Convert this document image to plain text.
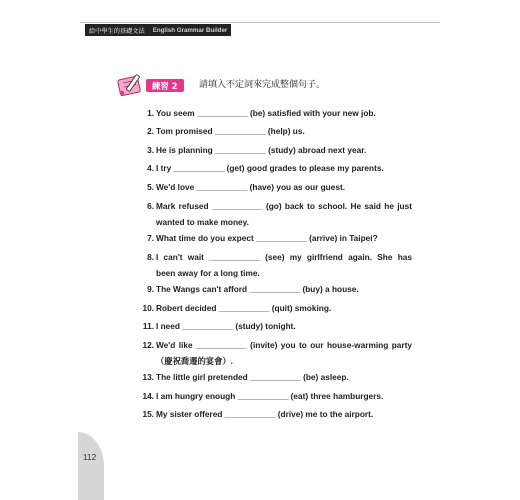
給中學生的基礎文法	English Grammar Builder
練習 2	請填入不定詞來完成整個句子。
1. You seem ___________ (be) satisfied with your new job.
2. Tom promised ___________ (help) us.
3. He is planning ___________ (study) abroad next year.
4. I try ___________ (get) good grades to please my parents.
5. We'd love ___________ (have) you as our guest.
6. Mark refused ___________ (go) back to school. He said he just
wanted to make money.
7. What time do you expect ___________ (arrive) in Taipei?
8. I can't wait ___________ (see) my girlfriend again. She has
been away for a long time.
9. The Wangs can't afford ___________ (buy) a house.
10. Robert decided ___________ (quit) smoking.
11. I need ___________ (study) tonight.
12. We'd like ___________ (invite) you to our house-warming party
（慶祝喬遷的宴會）.
13. The little girl pretended ___________ (be) asleep.
14. I am hungry enough ___________ (eat) three hamburgers.
15. My sister offered ___________ (drive) me to the airport.
112
